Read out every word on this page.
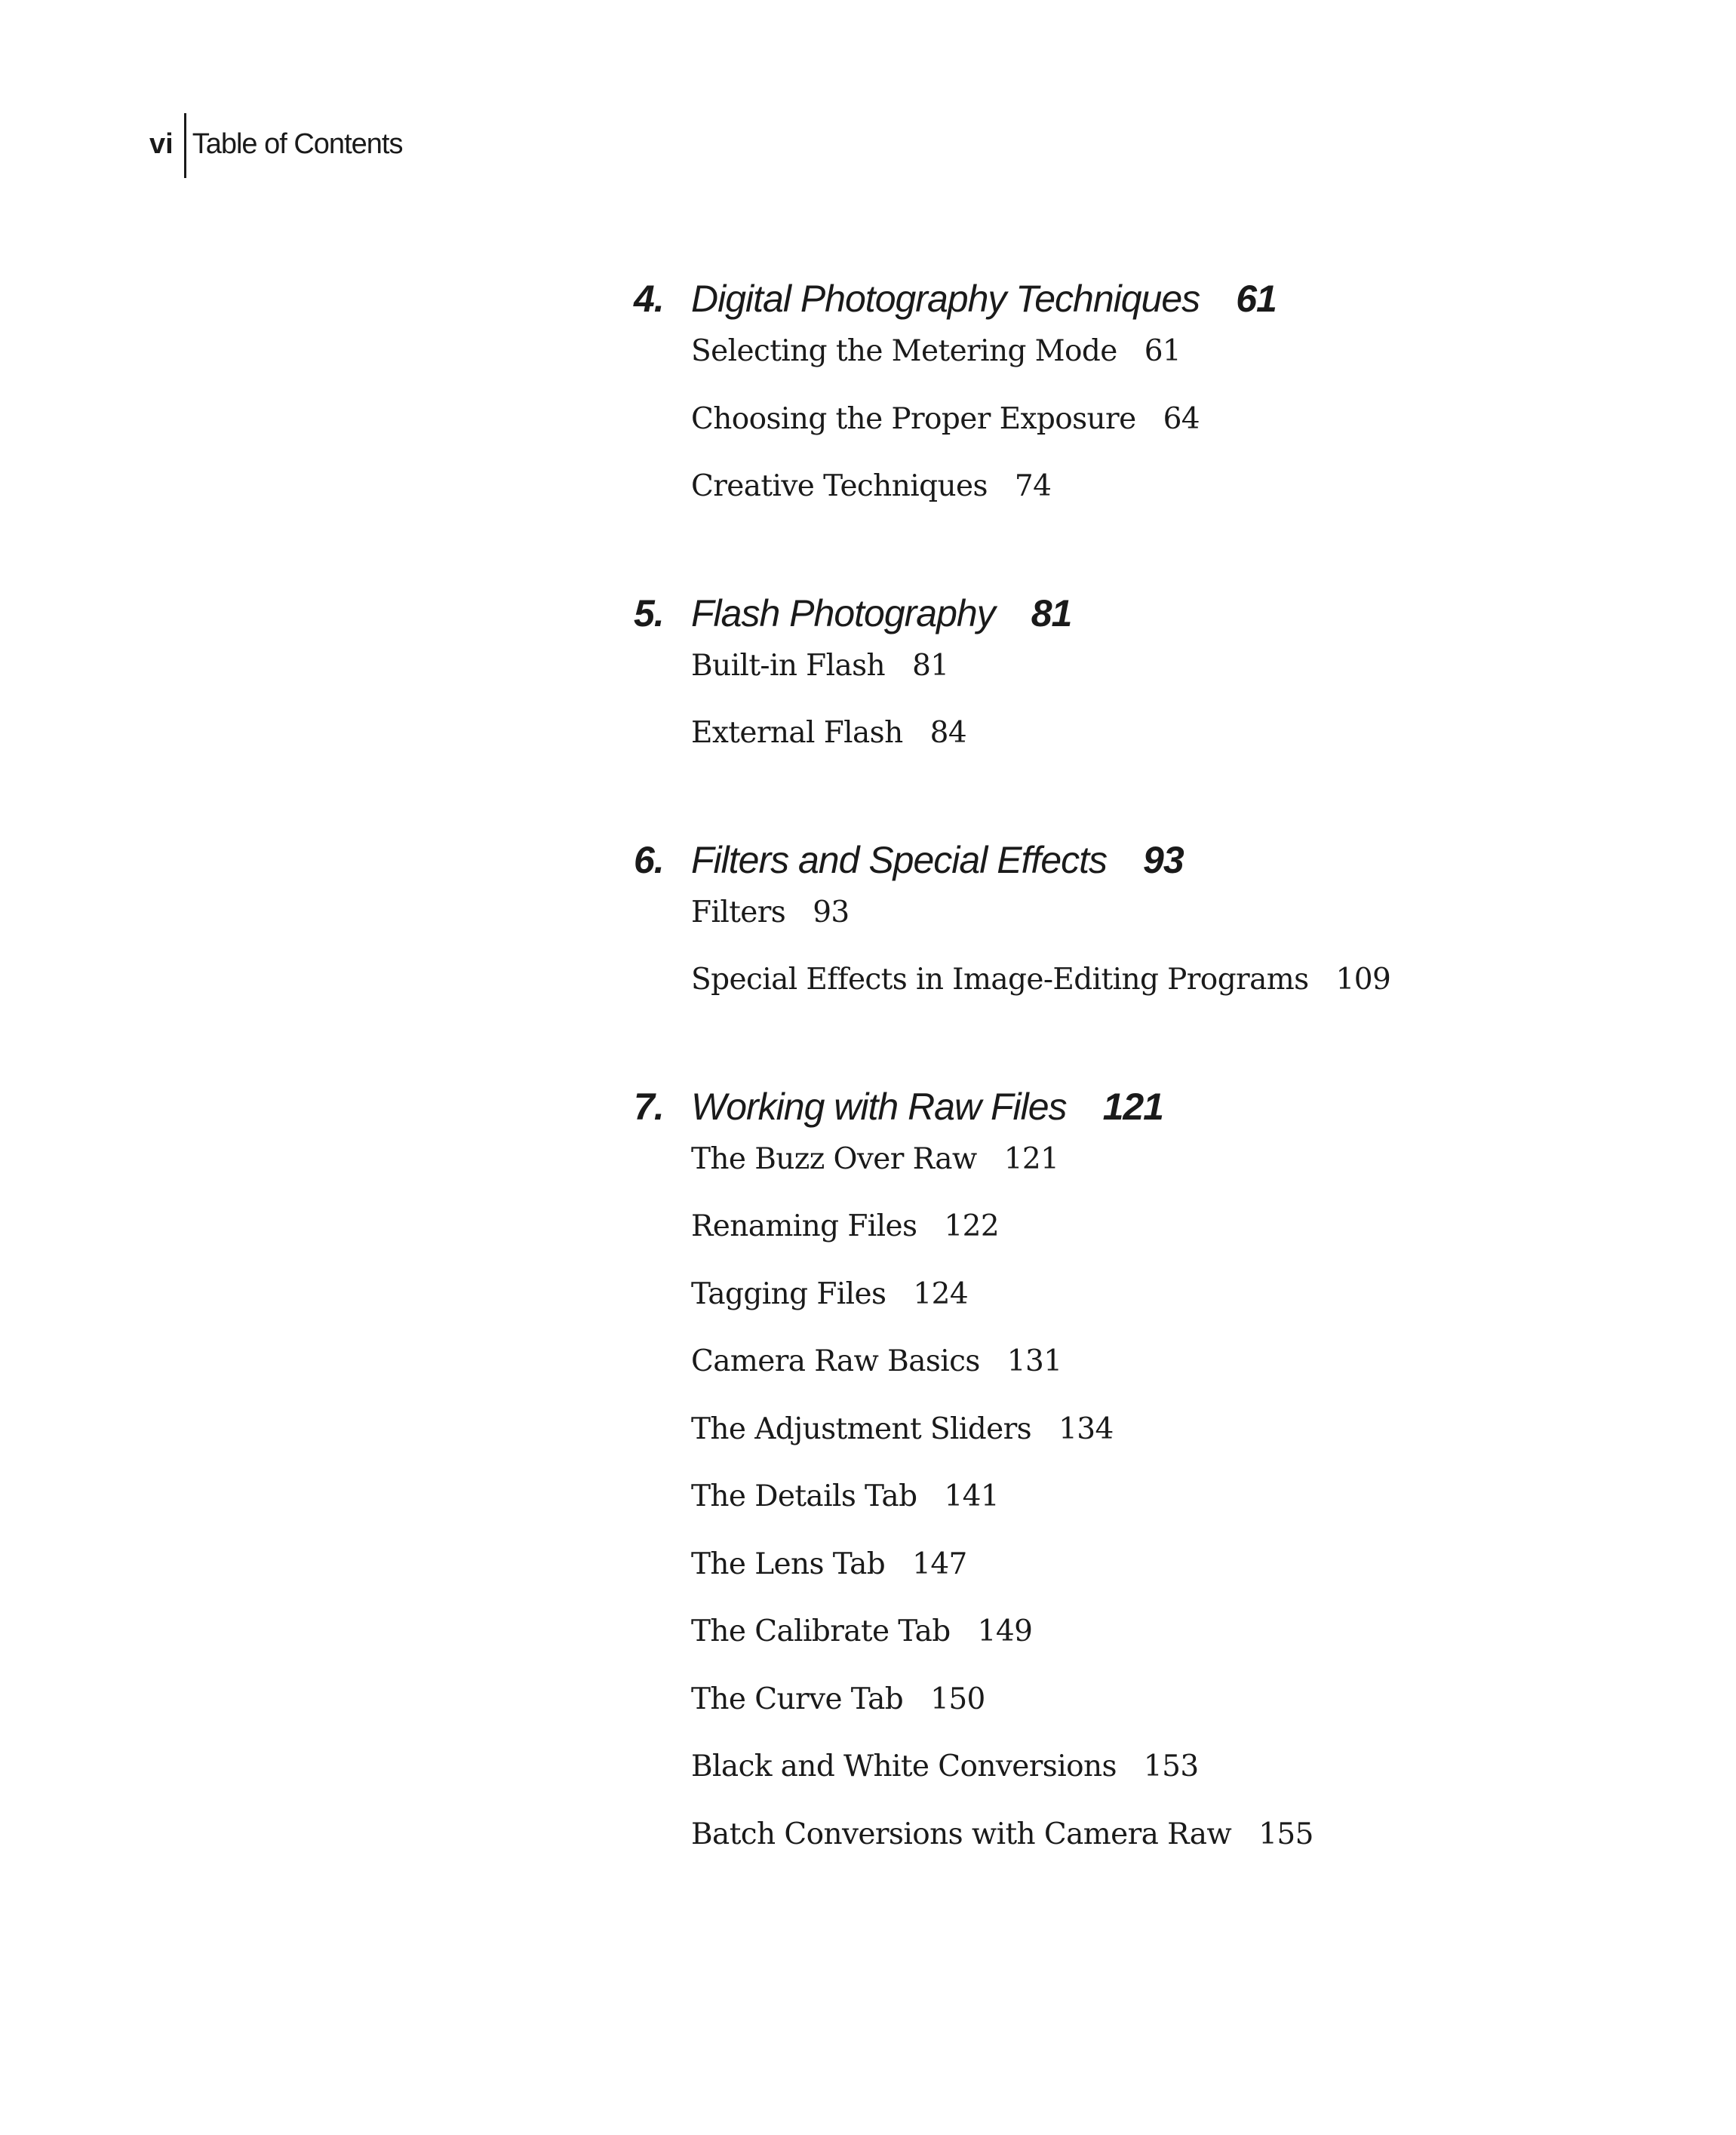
vi Table of Contents
4. Digital Photography Techniques 61
Selecting the Metering Mode 61
Choosing the Proper Exposure 64
Creative Techniques 74
5. Flash Photography 81
Built-in Flash 81
External Flash 84
6. Filters and Special Effects 93
Filters 93
Special Effects in Image-Editing Programs 109
7. Working with Raw Files 121
The Buzz Over Raw 121
Renaming Files 122
Tagging Files 124
Camera Raw Basics 131
The Adjustment Sliders 134
The Details Tab 141
The Lens Tab 147
The Calibrate Tab 149
The Curve Tab 150
Black and White Conversions 153
Batch Conversions with Camera Raw 155
